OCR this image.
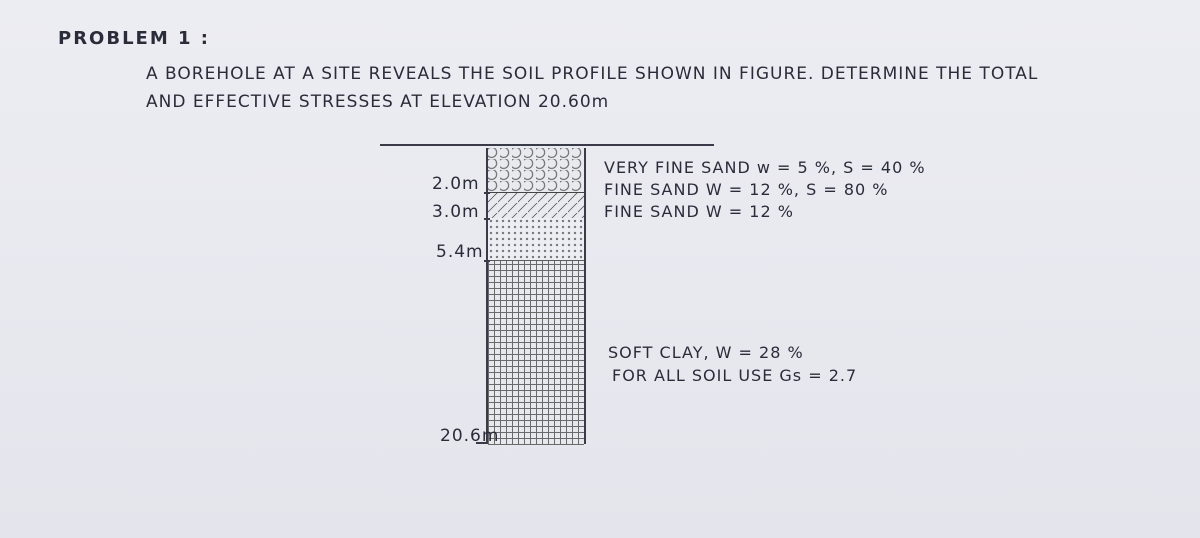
PROBLEM 1 :
A BOREHOLE AT A SITE REVEALS THE SOIL PROFILE SHOWN IN FIGURE. DETERMINE THE TOTAL
AND EFFECTIVE STRESSES AT ELEVATION 20.60m
2.0m
3.0m
5.4m
20.6m
VERY FINE SAND w = 5 %, S = 40 %
FINE SAND W = 12 %, S = 80 %
FINE SAND W = 12 %
SOFT CLAY, W = 28 %
FOR ALL SOIL USE Gs = 2.7
